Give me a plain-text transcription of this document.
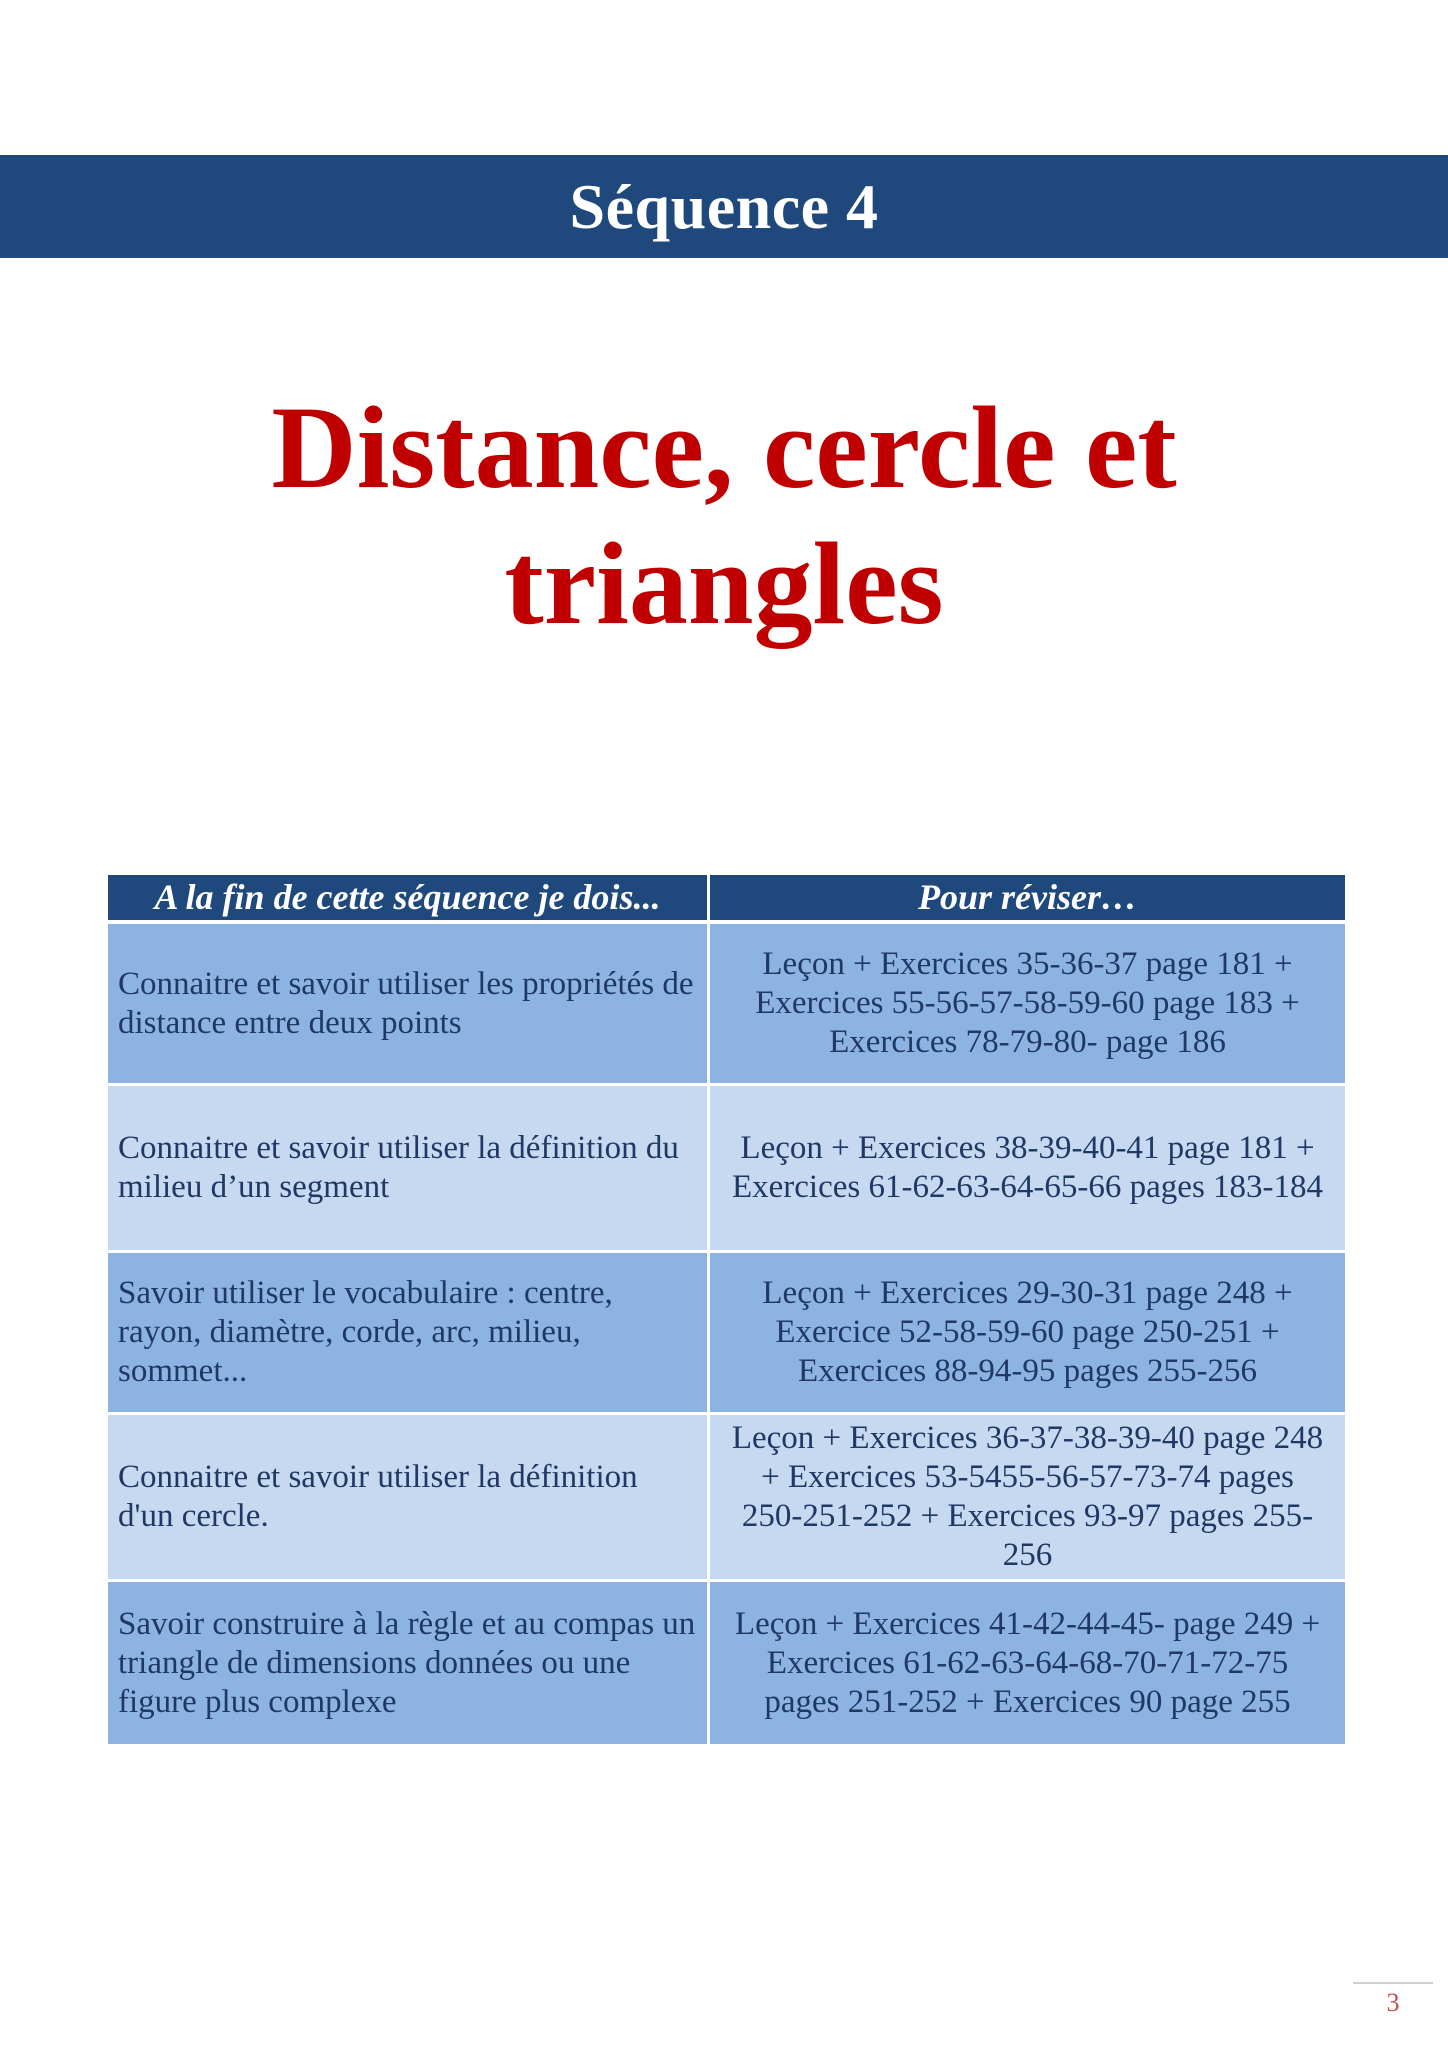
Séquence 4
Distance, cercle et
triangles
A la fin de cette séquence je dois...	Pour réviser…
Connaitre et savoir utiliser les propriétés de distance entre deux points	Leçon + Exercices 35-36-37 page 181 +
Exercices 55-56-57-58-59-60 page 183 +
Exercices 78-79-80- page 186

Connaitre et savoir utiliser la définition du milieu d’un segment	Leçon + Exercices 38-39-40-41 page 181 +
Exercices 61-62-63-64-65-66 pages 183-184

Savoir utiliser le vocabulaire : centre, rayon, diamètre, corde, arc, milieu, sommet...	Leçon + Exercices 29-30-31 page 248 +
Exercice 52-58-59-60 page 250-251 +
Exercices 88-94-95 pages 255-256

Connaitre et savoir utiliser la définition d'un cercle.	Leçon + Exercices 36-37-38-39-40 page 248
+ Exercices 53-5455-56-57-73-74 pages
250-251-252 + Exercices 93-97 pages 255-
256

Savoir construire à la règle et au compas un triangle de dimensions données ou une figure plus complexe	Leçon + Exercices 41-42-44-45- page 249 +
Exercices 61-62-63-64-68-70-71-72-75
pages 251-252 + Exercices 90 page 255
3
